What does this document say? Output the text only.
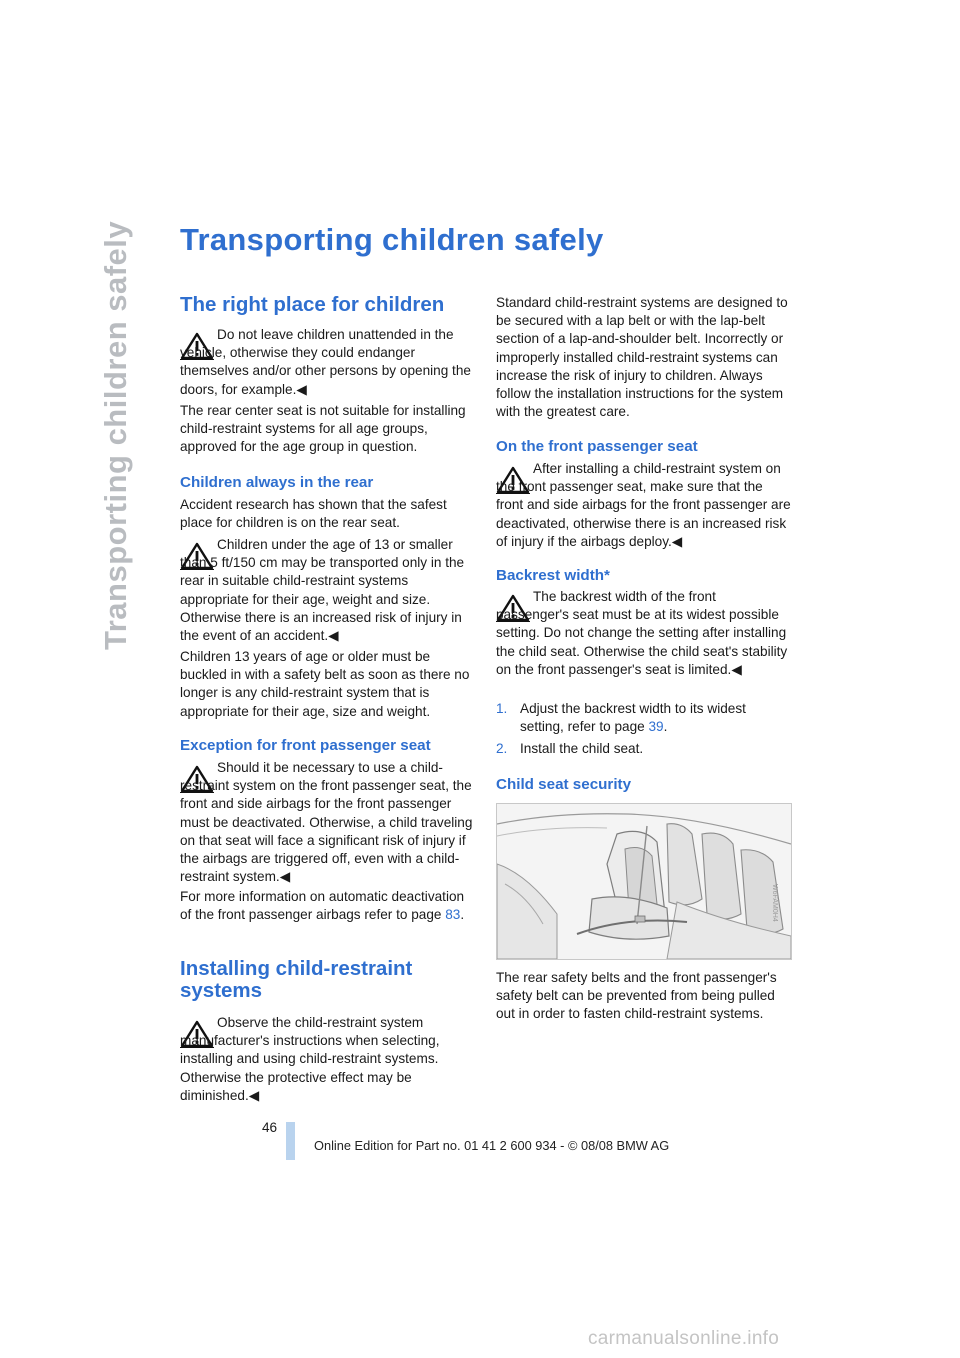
Transporting children safely Transporting children safely
The right place for children

Do not leave children unattended in the vehicle, otherwise they could endanger themselves and/or other persons by opening the doors, for example.◀

The rear center seat is not suitable for installing child-restraint systems for all age groups, approved for the age group in question.

Children always in the rear

Accident research has shown that the safest place for children is on the rear seat.

Children under the age of 13 or smaller than 5 ft/150 cm may be transported only in the rear in suitable child-restraint systems appropriate for their age, weight and size. Otherwise there is an increased risk of injury in the event of an accident.◀

Children 13 years of age or older must be buckled in with a safety belt as soon as there no longer is any child-restraint system that is appropriate for their age, size and weight.

Exception for front passenger seat

Should it be necessary to use a child-restraint system on the front passenger seat, the front and side airbags for the front passenger must be deactivated. Otherwise, a child traveling on that seat will face a significant risk of injury if the airbags are triggered off, even with a child-restraint system.◀

For more information on automatic deactivation of the front passenger airbags refer to page 83.

Installing child-restraint
systems

Observe the child-restraint system manufacturer's instructions when selecting, installing and using child-restraint systems. Otherwise the protective effect may be diminished.◀

Standard child-restraint systems are designed to be secured with a lap belt or with the lap-belt section of a lap-and-shoulder belt. Incorrectly or improperly installed child-restraint systems can increase the risk of injury to children. Always follow the installation instructions for the system with the greatest care.

On the front passenger seat

After installing a child-restraint system on the front passenger seat, make sure that the front and side airbags for the front passenger are deactivated, otherwise there is an increased risk of injury if the airbags deploy.◀

Backrest width*

The backrest width of the front passenger's seat must be at its widest possible setting. Do not change the setting after installing the child seat. Otherwise the child seat's stability on the front passenger's seat is limited.◀

1. Adjust the backrest width to its widest setting, refer to page 39.

2. Install the child seat.

Child seat security
W6FAM0H4

The rear safety belts and the front passenger's safety belt can be prevented from being pulled out in order to fasten child-restraint systems.

46
Online Edition for Part no. 01 41 2 600 934 - © 08/08 BMW AG
carmanualsonline.info
